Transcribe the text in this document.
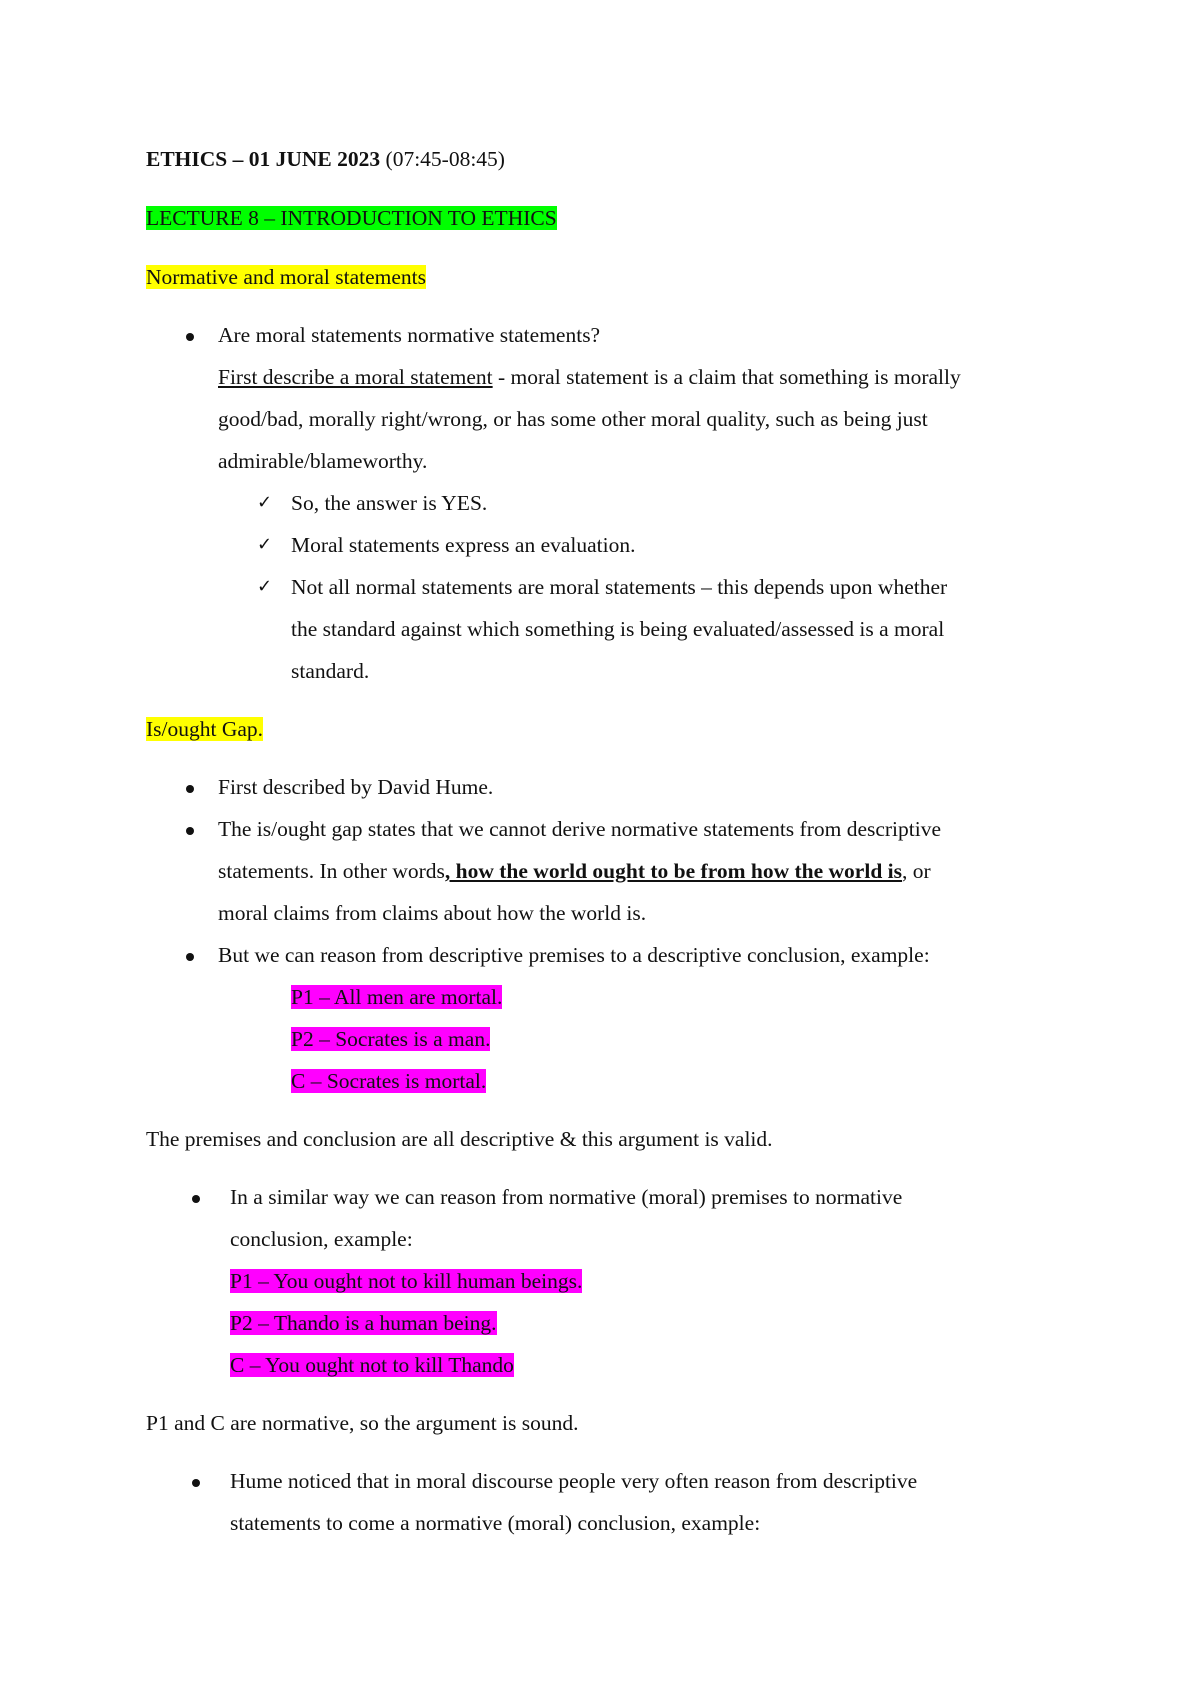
ETHICS – 01 JUNE 2023 (07:45-08:45)
LECTURE 8 – INTRODUCTION TO ETHICS
Normative and moral statements
Are moral statements normative statements?
First describe a moral statement - moral statement is a claim that something is morally
good/bad, morally right/wrong, or has some other moral quality, such as being just
admirable/blameworthy.
✓ So, the answer is YES.
✓ Moral statements express an evaluation.
✓ Not all normal statements are moral statements – this depends upon whether
the standard against which something is being evaluated/assessed is a moral
standard.
Is/ought Gap.
First described by David Hume.
The is/ought gap states that we cannot derive normative statements from descriptive
statements. In other words, how the world ought to be from how the world is, or
moral claims from claims about how the world is.
But we can reason from descriptive premises to a descriptive conclusion, example:
P1 – All men are mortal.
P2 – Socrates is a man.
C – Socrates is mortal.
The premises and conclusion are all descriptive & this argument is valid.
In a similar way we can reason from normative (moral) premises to normative
conclusion, example:
P1 – You ought not to kill human beings.
P2 – Thando is a human being.
C – You ought not to kill Thando
P1 and C are normative, so the argument is sound.
Hume noticed that in moral discourse people very often reason from descriptive
statements to come a normative (moral) conclusion, example:
